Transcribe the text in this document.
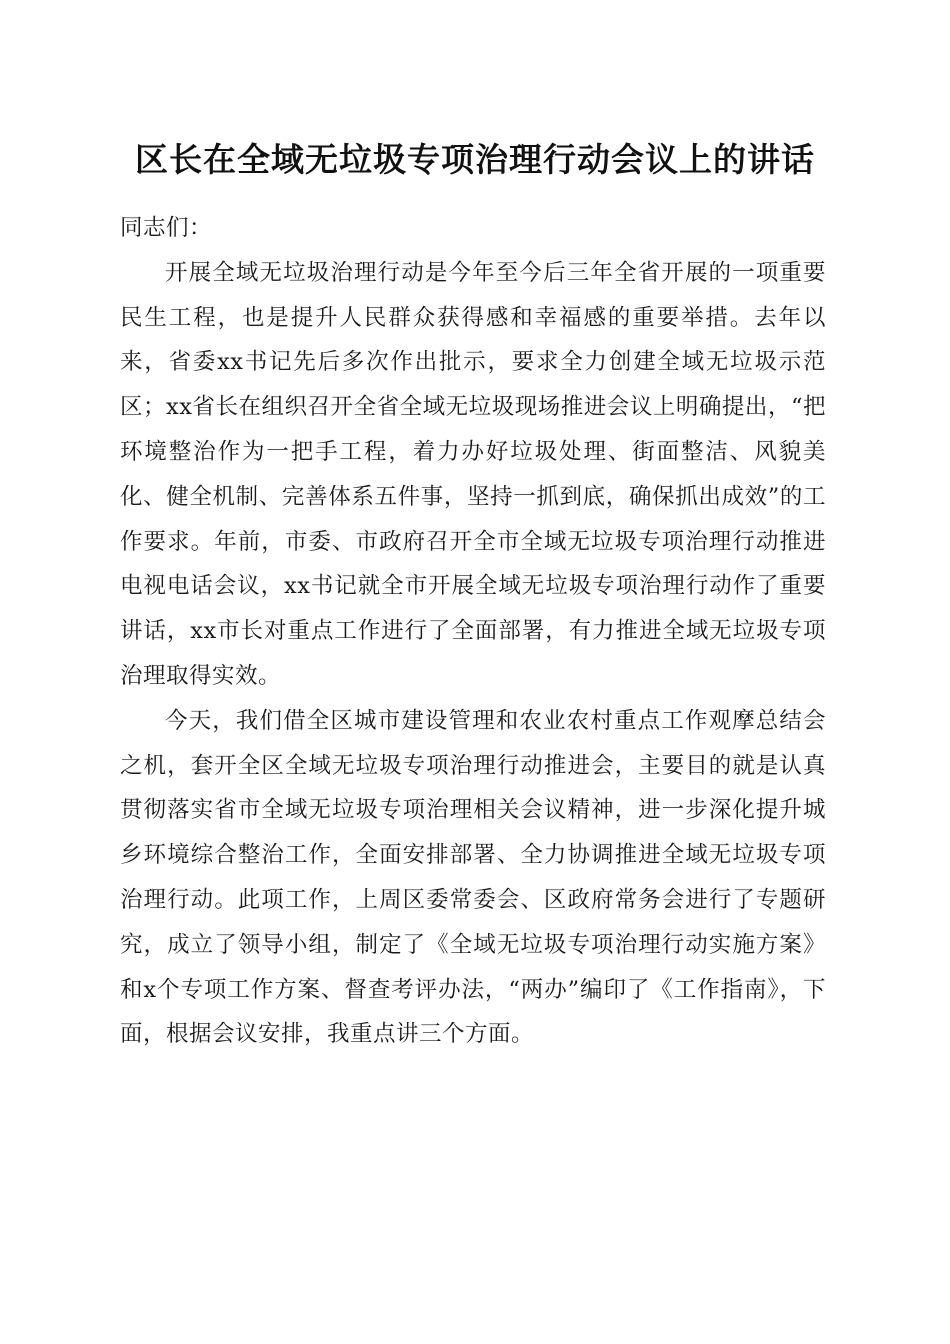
区长在全域无垃圾专项治理行动会议上的讲话

同志们：

开展全域无垃圾治理行动是今年至今后三年全省开展的一项重要民生工程，也是提升人民群众获得感和幸福感的重要举措。去年以来，省委xx书记先后多次作出批示，要求全力创建全域无垃圾示范区；xx省长在组织召开全省全域无垃圾现场推进会议上明确提出，“把环境整治作为一把手工程，着力办好垃圾处理、街面整洁、风貌美化、健全机制、完善体系五件事，坚持一抓到底，确保抓出成效”的工作要求。年前，市委、市政府召开全市全域无垃圾专项治理行动推进电视电话会议，xx书记就全市开展全域无垃圾专项治理行动作了重要讲话，xx市长对重点工作进行了全面部署，有力推进全域无垃圾专项治理取得实效。

今天，我们借全区城市建设管理和农业农村重点工作观摩总结会之机，套开全区全域无垃圾专项治理行动推进会，主要目的就是认真贯彻落实省市全域无垃圾专项治理相关会议精神，进一步深化提升城乡环境综合整治工作，全面安排部署、全力协调推进全域无垃圾专项治理行动。此项工作，上周区委常委会、区政府常务会进行了专题研究，成立了领导小组，制定了《全域无垃圾专项治理行动实施方案》和x个专项工作方案、督查考评办法，“两办”编印了《工作指南》，下面，根据会议安排，我重点讲三个方面。
